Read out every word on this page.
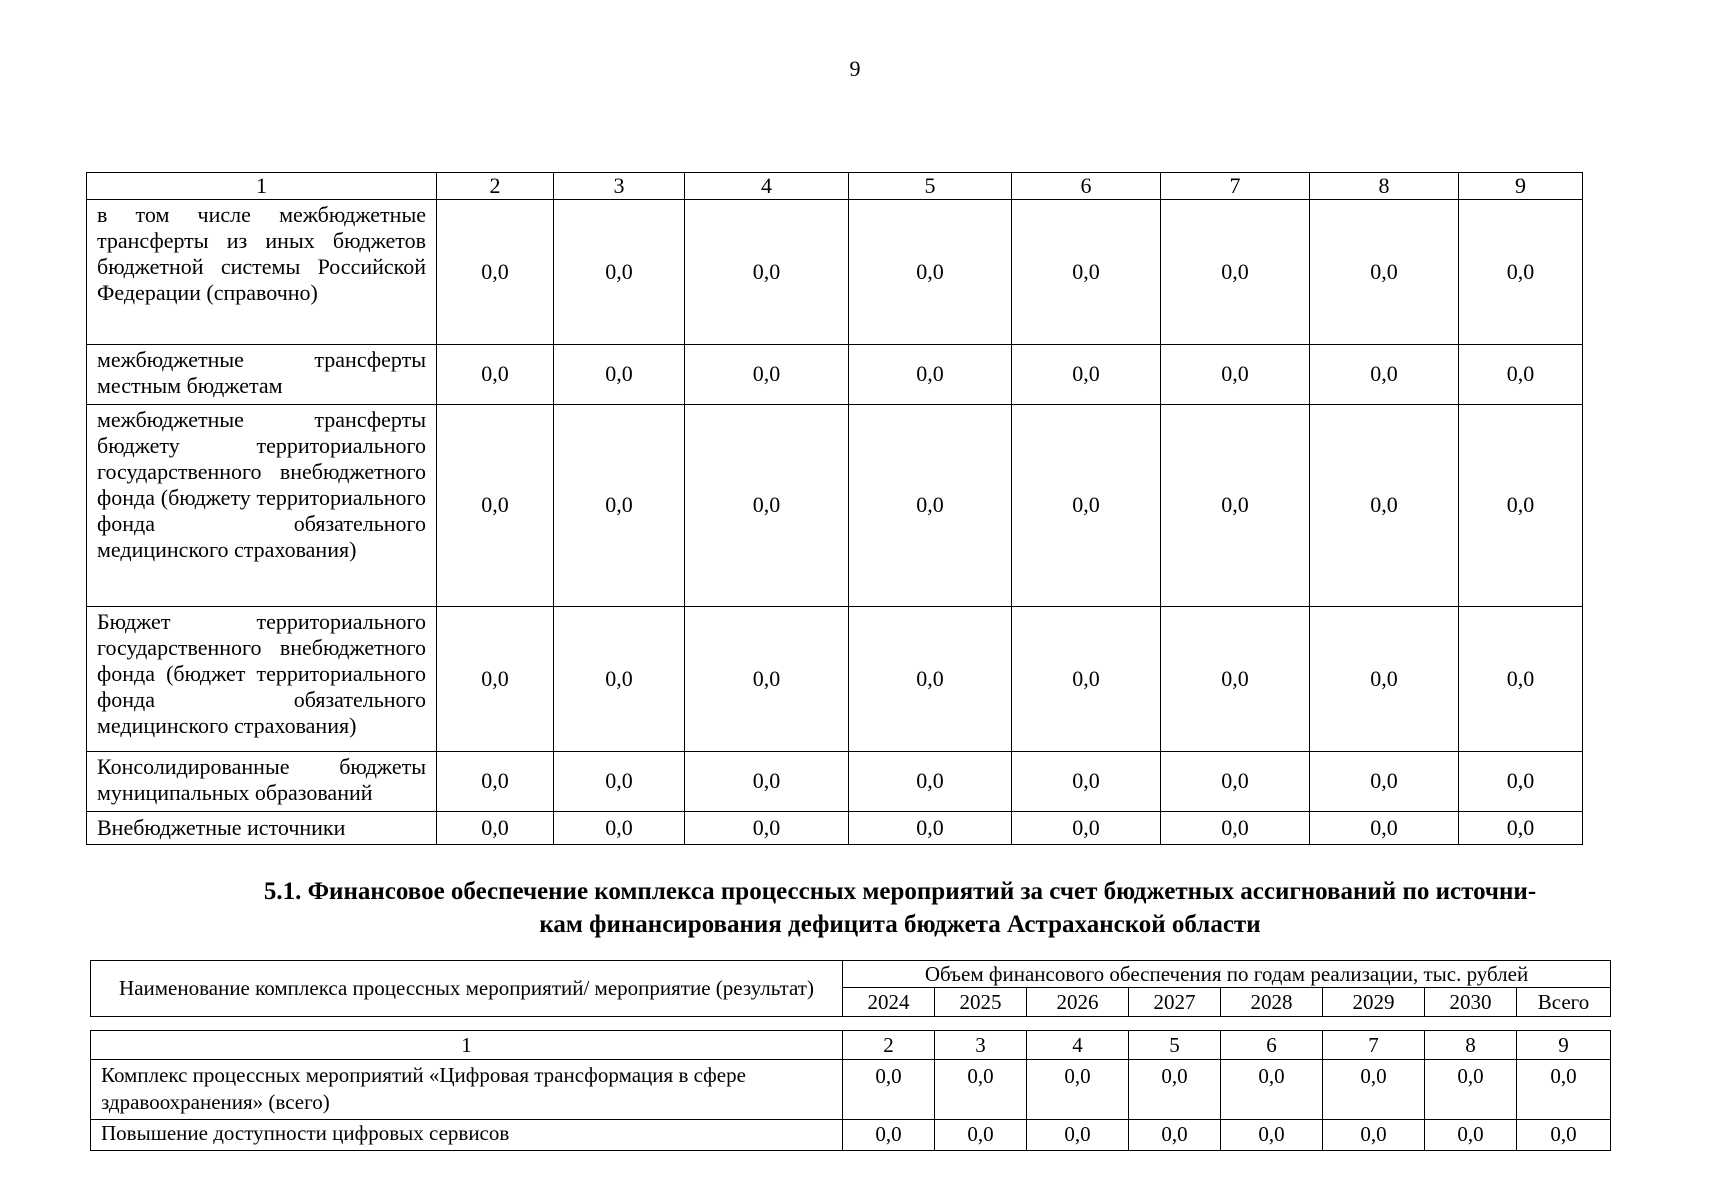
9
1	2	3	4	5	6	7	8	9
в том числе межбюджетные трансферты из иных бюджетов бюджетной системы Российской Федерации (справочно)	0,0	0,0	0,0	0,0	0,0	0,0	0,0	0,0
межбюджетные трансферты местным бюджетам	0,0	0,0	0,0	0,0	0,0	0,0	0,0	0,0
межбюджетные трансферты бюджету территориального государственного внебюджетного фонда (бюджету территориального фонда обязательного медицинского страхования)	0,0	0,0	0,0	0,0	0,0	0,0	0,0	0,0
Бюджет территориального государственного внебюджетного фонда (бюджет территориального фонда обязательного медицинского страхования)	0,0	0,0	0,0	0,0	0,0	0,0	0,0	0,0
Консолидированные бюджеты муниципальных образований	0,0	0,0	0,0	0,0	0,0	0,0	0,0	0,0
Внебюджетные источники	0,0	0,0	0,0	0,0	0,0	0,0	0,0	0,0
5.1. Финансовое обеспечение комплекса процессных мероприятий за счет бюджетных ассигнований по источни-
кам финансирования дефицита бюджета Астраханской области
Наименование комплекса процессных мероприятий/ мероприятие (результат)	Объем финансового обеспечения по годам реализации, тыс. рублей							
	2024	2025	2026	2027	2028	2029	2030	Всего
1	2	3	4	5	6	7	8	9
Комплекс процессных мероприятий «Цифровая трансформация в сфере здравоохранения» (всего)	0,0	0,0	0,0	0,0	0,0	0,0	0,0	0,0
Повышение доступности цифровых сервисов	0,0	0,0	0,0	0,0	0,0	0,0	0,0	0,0
